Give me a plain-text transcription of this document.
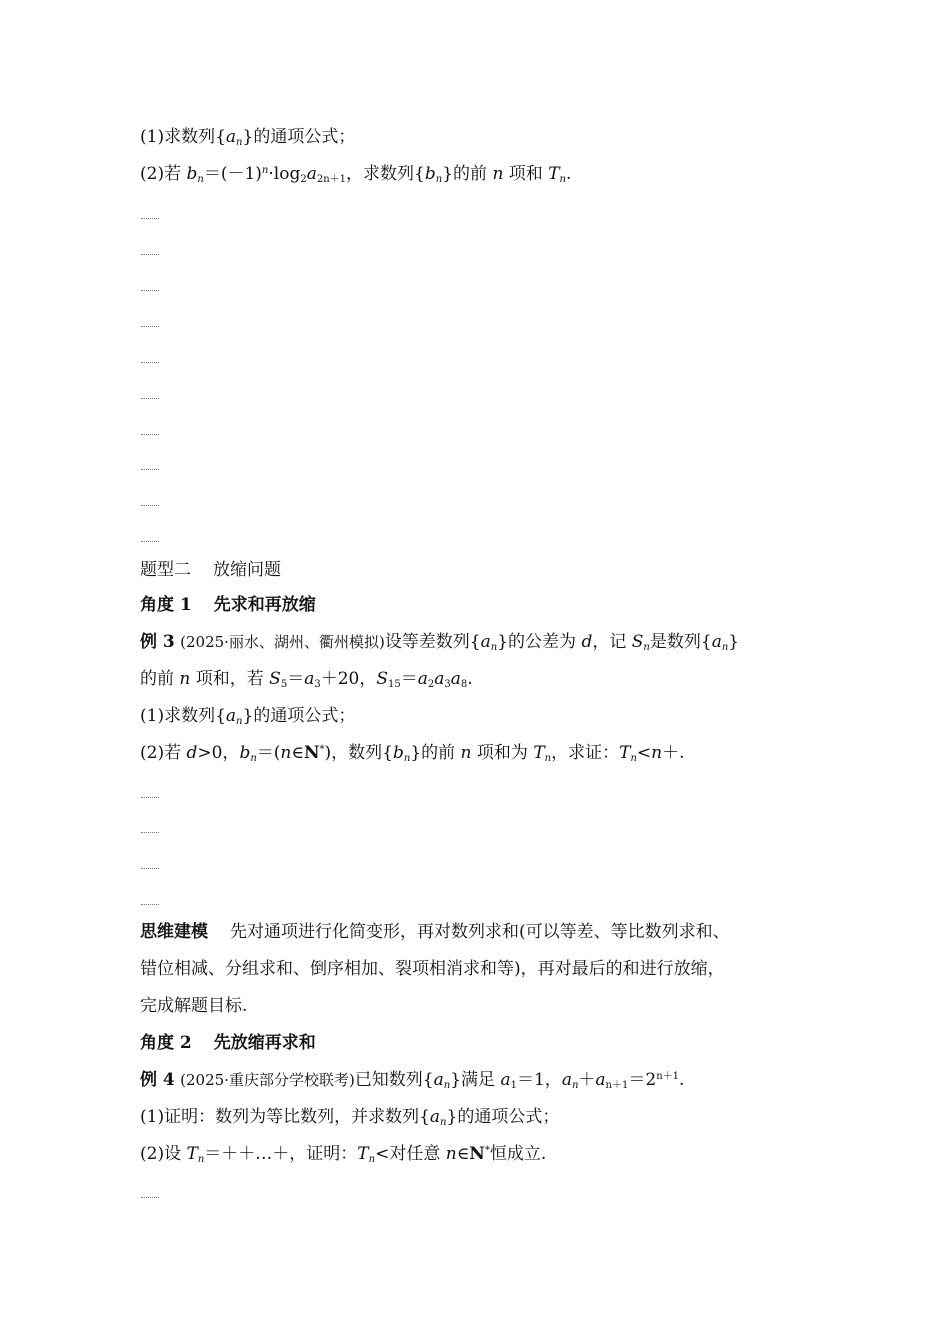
(1)求数列$\{a_n\}$的通项公式；
(2)若 $b_n=(-1)^n\cdot\log_2a_{2n+1}$，求数列$\{b_n\}$的前 n 项和 $T_n$.
题型二 放缩问题
角度 1 先求和再放缩
例 3 (2025·丽水、湖州、衢州模拟)设等差数列$\{a_n\}$的公差为 d，记 $S_n$是数列$\{a_n\}$
的前 n 项和，若 $S_5=a_3+20$，$S_{15}=a_2a_3a_8$.
(1)求数列$\{a_n\}$的通项公式；
(2)若 d>0，$b_n=(n\in N^*)$，数列$\{b_n\}$的前 n 项和为 $T_n$，求证：$T_n<n+$.
思维建模 先对通项进行化简变形，再对数列求和(可以等差、等比数列求和、
错位相减、分组求和、倒序相加、裂项相消求和等)，再对最后的和进行放缩，
完成解题目标.
角度 2 先放缩再求和
例 4 (2025·重庆部分学校联考)已知数列$\{a_n\}$满足 $a_1=1$，$a_n+a_{n+1}=2^{n+1}$.
(1)证明：数列为等比数列，并求数列$\{a_n\}$的通项公式；
(2)设 $T_n=++\dots+$，证明：$T_n<$对任意 n∈N*恒成立.
